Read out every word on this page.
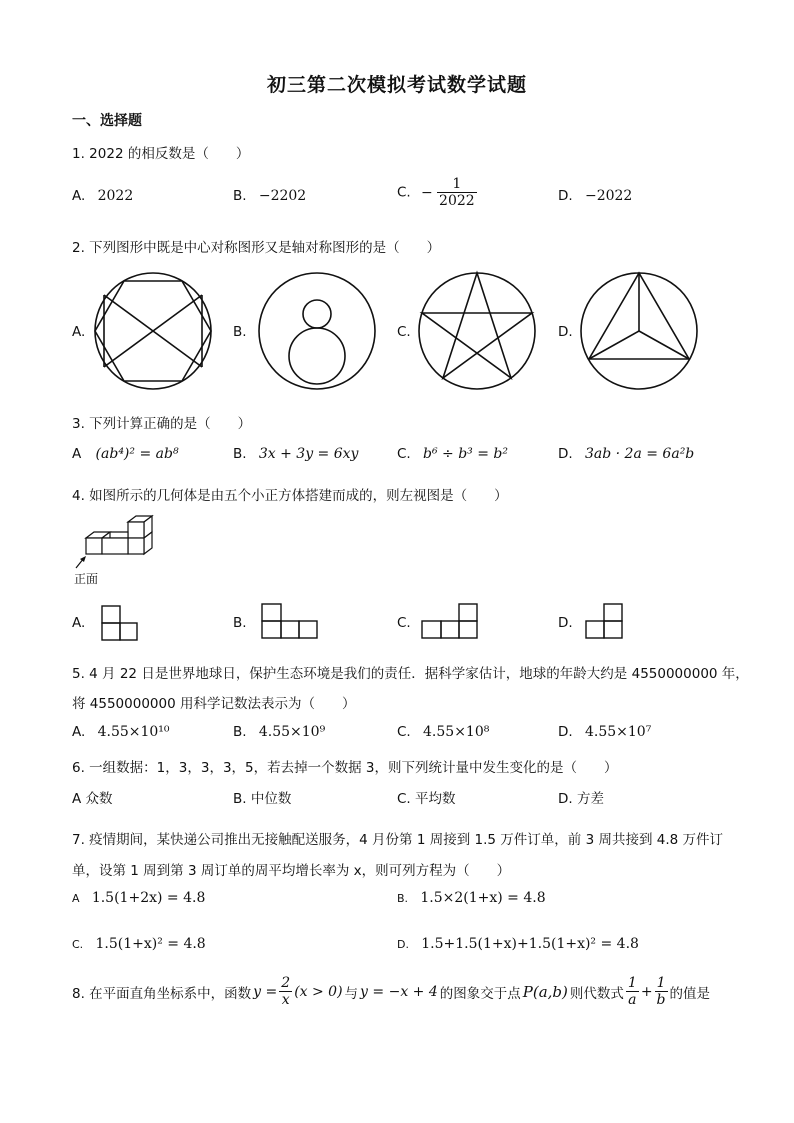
初三第二次模拟考试数学试题
一、选择题
1. 2022 的相反数是（　　）
A. 2022	B. −2202	C. − $\frac{1}{2022}$	D. −2022
2. 下列图形中既是中心对称图形又是轴对称图形的是（　　）
A.	B.	C.	D.
3. 下列计算正确的是（　　）
A (ab⁴)² = ab⁸	B. 3x + 3y = 6xy	C. b⁶ ÷ b³ = b²	D. 3ab · 2a = 6a²b
4. 如图所示的几何体是由五个小正方体搭建而成的，则左视图是（　　）
正面
A.	B.	C.	D.
5. 4 月 22 日是世界地球日，保护生态环境是我们的责任．据科学家估计，地球的年龄大约是 4550000000 年，
将 4550000000 用科学记数法表示为（　　）
A. 4.55×10¹⁰	B. 4.55×10⁹	C. 4.55×10⁸	D. 4.55×10⁷
6. 一组数据：1，3，3，3，5，若去掉一个数据 3，则下列统计量中发生变化的是（　　）
A 众数	B. 中位数	C. 平均数	D. 方差
7. 疫情期间，某快递公司推出无接触配送服务，4 月份第 1 周接到 1.5 万件订单，前 3 周共接到 4.8 万件订
单，设第 1 周到第 3 周订单的周平均增长率为 x，则可列方程为（　　）
A 1.5(1+2x) = 4.8	B. 1.5×2(1+x) = 4.8
C. 1.5(1+x)² = 4.8	D. 1.5+1.5(1+x)+1.5(1+x)² = 4.8
8. 在平面直角坐标系中，函数 $y = \frac{2}{x} (x > 0)$ 与 y = −x + 4 的图象交于点 P(a,b) 则代数式 $\frac{1}{a} + \frac{1}{b}$ 的值是
